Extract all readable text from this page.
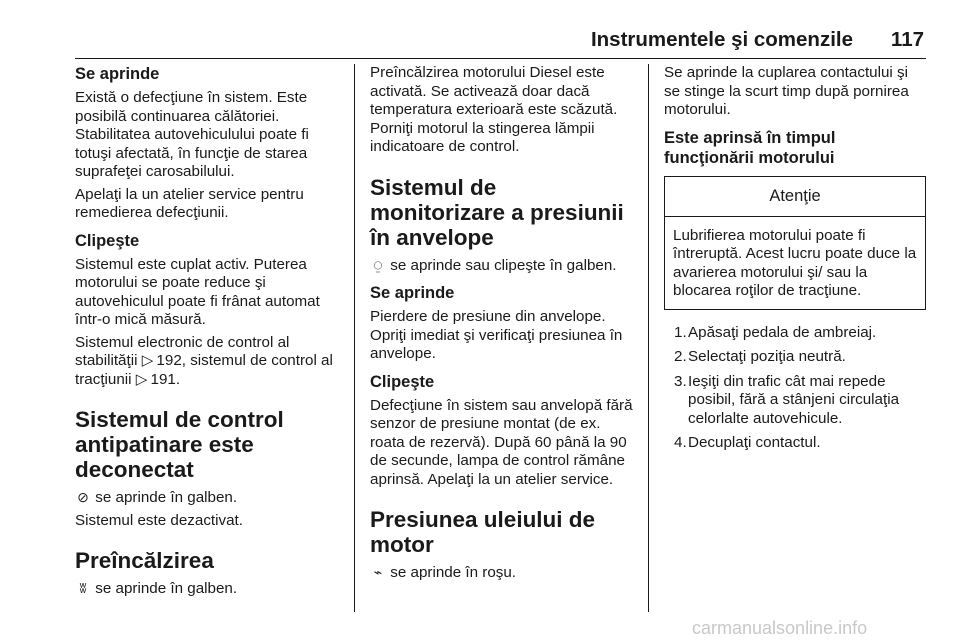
Instrumentele şi comenzile 117
Se aprinde

Există o defecţiune în sistem. Este posibilă continuarea călătoriei. Stabilitatea autovehiculului poate fi totuşi afectată, în funcţie de starea suprafeţei carosabilului.

Apelaţi la un atelier service pentru remedierea defecţiunii.

Clipeşte

Sistemul este cuplat activ. Puterea motorului se poate reduce şi autovehiculul poate fi frânat automat într-o mică măsură.

Sistemul electronic de control al stabilităţii ▷  192, sistemul de control al tracţiunii ▷  191.

Sistemul de control antipatinare este deconectat

⊘ se aprinde în galben.

Sistemul este dezactivat.

Preîncălzirea

ʬ se aprinde în galben.

Preîncălzirea motorului Diesel este activată. Se activează doar dacă temperatura exterioară este scăzută. Porniţi motorul la stingerea lămpii indicatoare de control.

Sistemul de monitorizare a presiunii în anvelope

⍜ se aprinde sau clipeşte în galben.

Se aprinde

Pierdere de presiune din anvelope. Opriţi imediat şi verificaţi presiunea în anvelope.

Clipeşte

Defecţiune în sistem sau anvelopă fără senzor de presiune montat (de ex. roata de rezervă). După 60 până la 90 de secunde, lampa de control rămâne aprinsă. Apelaţi la un atelier service.

Presiunea uleiului de motor

⌁ se aprinde în roşu.

Se aprinde la cuplarea contactului şi se stinge la scurt timp după pornirea motorului.

Este aprinsă în timpul funcţionării motorului
Atenţie

Lubrifierea motorului poate fi întreruptă. Acest lucru poate duce la avarierea motorului şi/ sau la blocarea roţilor de tracţiune.

1. Apăsaţi pedala de ambreiaj.
2. Selectaţi poziţia neutră.
3. Ieşiţi din trafic cât mai repede posibil, fără a stânjeni circulaţia celorlalte autovehicule.
4. Decuplaţi contactul.
carmanualsonline.info
